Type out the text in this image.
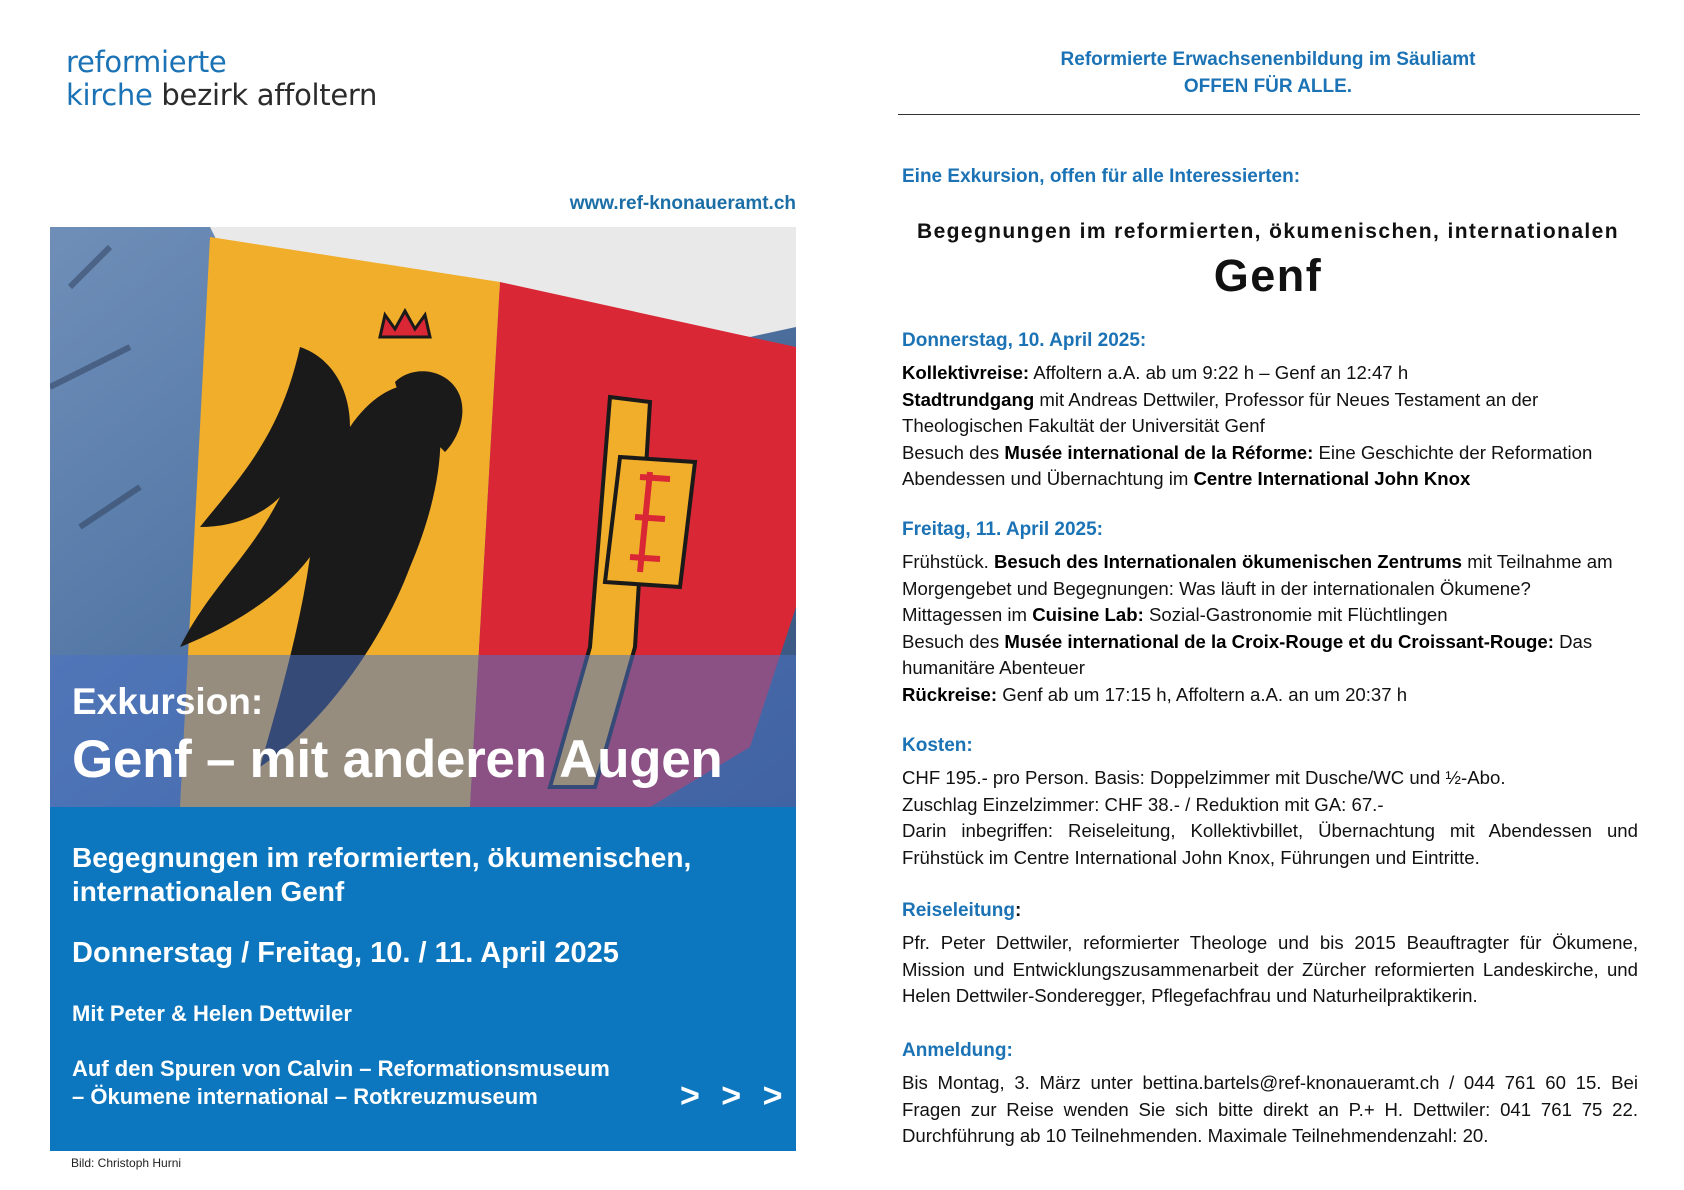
reformierte
kirche bezirk affoltern
www.ref-knonaueramt.ch
Exkursion:
Genf – mit anderen Augen
Begegnungen im reformierten, ökumenischen, internationalen Genf
Donnerstag / Freitag, 10. / 11. April 2025
Mit Peter & Helen Dettwiler
Auf den Spuren von Calvin – Reformationsmuseum
– Ökumene international – Rotkreuzmuseum	> > >
Bild: Christoph Hurni
Reformierte Erwachsenenbildung im Säuliamt
OFFEN FÜR ALLE.
Eine Exkursion, offen für alle Interessierten:
Begegnungen im reformierten, ökumenischen, internationalen
Genf
Donnerstag, 10. April 2025:

Kollektivreise: Affoltern a.A. ab um 9:22 h – Genf an 12:47 h

Stadtrundgang mit Andreas Dettwiler, Professor für Neues Testament an der Theologischen Fakultät der Universität Genf

Besuch des Musée international de la Réforme: Eine Geschichte der Reformation

Abendessen und Übernachtung im Centre International John Knox

Freitag, 11. April 2025:

Frühstück. Besuch des Internationalen ökumenischen Zentrums mit Teilnahme am Morgengebet und Begegnungen: Was läuft in der internationalen Ökumene?

Mittagessen im Cuisine Lab: Sozial-Gastronomie mit Flüchtlingen

Besuch des Musée international de la Croix-Rouge et du Croissant-Rouge: Das humanitäre Abenteuer

Rückreise: Genf ab um 17:15 h, Affoltern a.A. an um 20:37 h

Kosten:

CHF 195.- pro Person. Basis: Doppelzimmer mit Dusche/WC und ½-Abo.

Zuschlag Einzelzimmer: CHF 38.- / Reduktion mit GA: 67.-

Darin inbegriffen: Reiseleitung, Kollektivbillet, Übernachtung mit Abendessen und Frühstück im Centre International John Knox, Führungen und Eintritte.

Reiseleitung:

Pfr. Peter Dettwiler, reformierter Theologe und bis 2015 Beauftragter für Ökumene, Mission und Entwicklungszusammenarbeit der Zürcher reformierten Landeskirche, und Helen Dettwiler-Sonderegger, Pflegefachfrau und Naturheilpraktikerin.

Anmeldung:

Bis Montag, 3. März unter bettina.bartels@ref-knonaueramt.ch / 044 761 60 15. Bei Fragen zur Reise wenden Sie sich bitte direkt an P.+ H. Dettwiler: 041 761 75 22. Durchführung ab 10 Teilnehmenden. Maximale Teilnehmendenzahl: 20.
